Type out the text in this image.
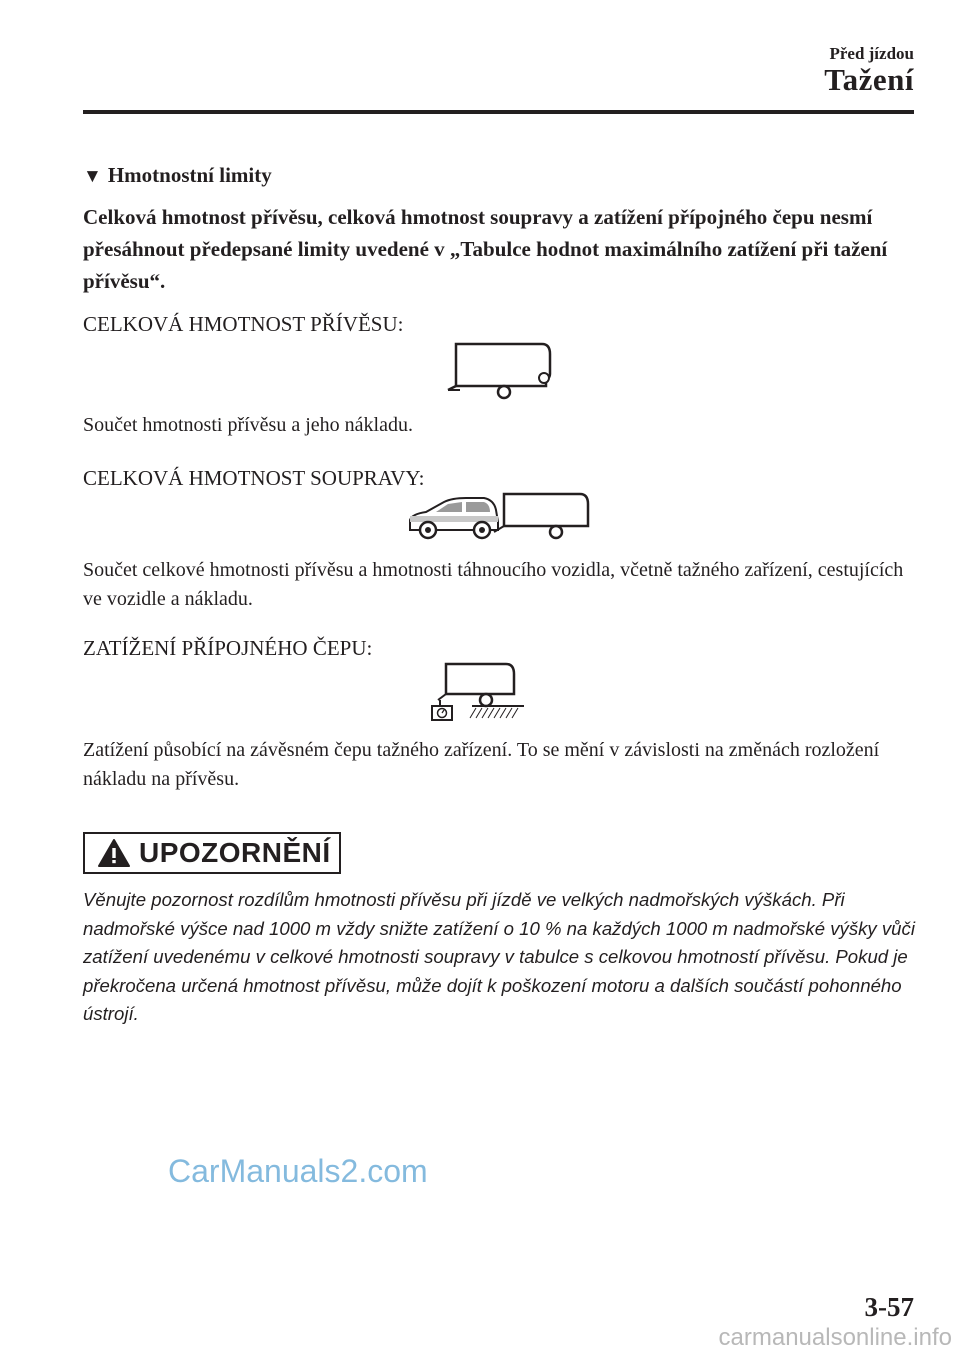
Před jízdou
Tažení
▼ Hmotnostní limity
Celková hmotnost přívěsu, celková hmotnost soupravy a zatížení přípojného čepu nesmí přesáhnout předepsané limity uvedené v „Tabulce hodnot maximálního zatížení při tažení přívěsu“.
CELKOVÁ HMOTNOST PŘÍVĚSU:
Součet hmotnosti přívěsu a jeho nákladu.
CELKOVÁ HMOTNOST SOUPRAVY:
Součet celkové hmotnosti přívěsu a hmotnosti táhnoucího vozidla, včetně tažného zařízení, cestujících ve vozidle a nákladu.
ZATÍŽENÍ PŘÍPOJNÉHO ČEPU:
Zatížení působící na závěsném čepu tažného zařízení. To se mění v závislosti na změnách rozložení nákladu na přívěsu.
UPOZORNĚNÍ
Věnujte pozornost rozdílům hmotnosti přívěsu při jízdě ve velkých nadmořských výškách. Při nadmořské výšce nad 1000 m vždy snižte zatížení o 10 % na každých 1000 m nadmořské výšky vůči zatížení uvedenému v celkové hmotnosti soupravy v tabulce s celkovou hmotností přívěsu. Pokud je překročena určená hmotnost přívěsu, může dojít k poškození motoru a dalších součástí pohonného ústrojí.
CarManuals2.com
3-57
carmanualsonline.info
